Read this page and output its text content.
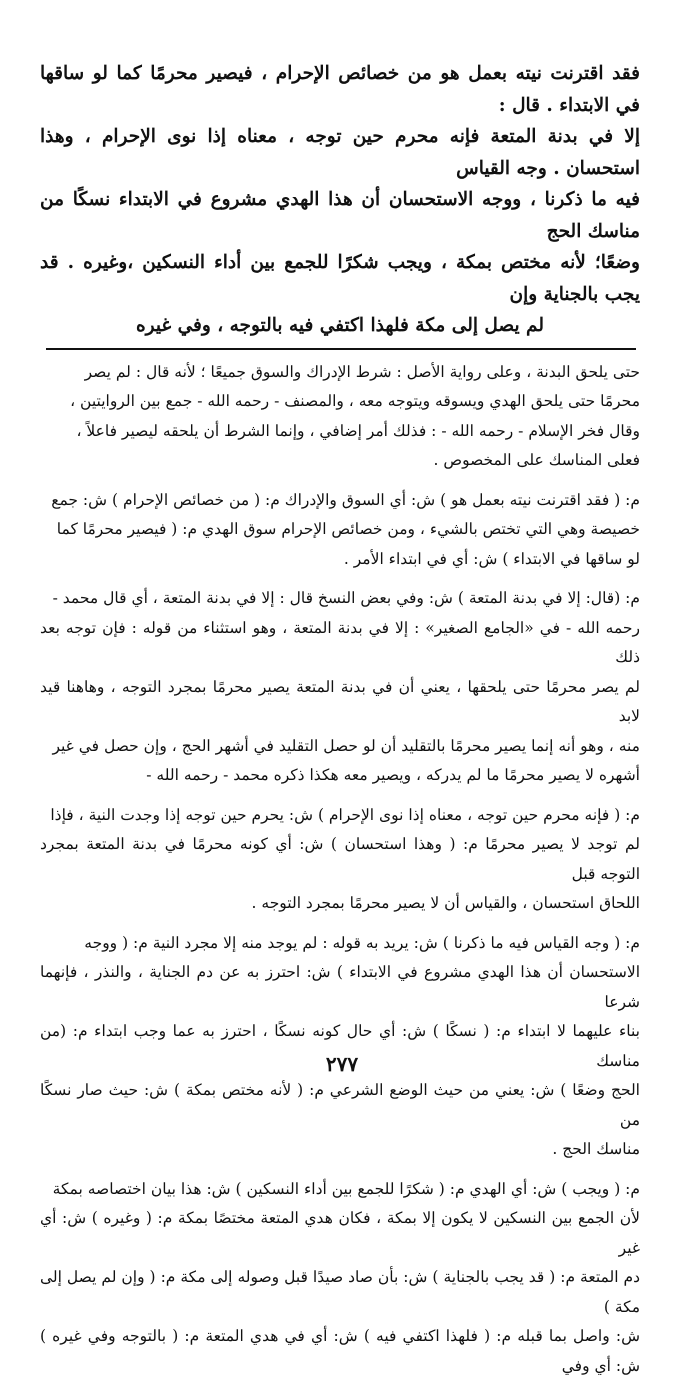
فقد اقترنت نيته بعمل هو من خصائص الإحرام ، فيصير محرمًا كما لو ساقها في الابتداء . قال :

إلا في بدنة المتعة فإنه محرم حين توجه ، معناه إذا نوى الإحرام ، وهذا استحسان . وجه القياس

فيه ما ذكرنا ، ووجه الاستحسان أن هذا الهدي مشروع في الابتداء نسكًا من مناسك الحج

وضعًا؛ لأنه مختص بمكة ، ويجب شكرًا للجمع بين أداء النسكين ،وغيره . قد يجب بالجناية وإن

لم يصل إلى مكة فلهذا اكتفي فيه بالتوجه ، وفي غيره

حتى يلحق البدنة ، وعلى رواية الأصل : شرط الإدراك والسوق جميعًا ؛ لأنه قال : لم يصر

محرمًا حتى يلحق الهدي ويسوقه ويتوجه معه ، والمصنف - رحمه الله - جمع بين الروايتين ،

وقال فخر الإسلام - رحمه الله - : فذلك أمر إضافي ، وإنما الشرط أن يلحقه ليصير فاعلاً ،

فعلى المناسك على المخصوص .

م: ( فقد اقترنت نيته بعمل هو ) ش: أي السوق والإدراك م: ( من خصائص الإحرام ) ش: جمع

خصيصة وهي التي تختص بالشيء ، ومن خصائص الإحرام سوق الهدي م: ( فيصير محرمًا كما

لو ساقها في الابتداء ) ش: أي في ابتداء الأمر .

م: (قال: إلا في بدنة المتعة ) ش: وفي بعض النسخ قال : إلا في بدنة المتعة ، أي قال محمد -

رحمه الله - في «الجامع الصغير» : إلا في بدنة المتعة ، وهو استثناء من قوله : فإن توجه بعد ذلك

لم يصر محرمًا حتى يلحقها ، يعني أن في بدنة المتعة يصير محرمًا بمجرد التوجه ، وهاهنا قيد لابد

منه ، وهو أنه إنما يصير محرمًا بالتقليد أن لو حصل التقليد في أشهر الحج ، وإن حصل في غير

أشهره لا يصير محرمًا ما لم يدركه ، ويصير معه هكذا ذكره محمد - رحمه الله -

م: ( فإنه محرم حين توجه ، معناه إذا نوى الإحرام ) ش: يحرم حين توجه إذا وجدت النية ، فإذا

لم توجد لا يصير محرمًا م: ( وهذا استحسان ) ش: أي كونه محرمًا في بدنة المتعة بمجرد التوجه قبل

اللحاق استحسان ، والقياس أن لا يصير محرمًا بمجرد التوجه .

م: ( وجه القياس فيه ما ذكرنا ) ش: يريد به قوله : لم يوجد منه إلا مجرد النية م: ( ووجه

الاستحسان أن هذا الهدي مشروع في الابتداء ) ش: احترز به عن دم الجناية ، والنذر ، فإنهما شرعا

بناء عليهما لا ابتداء م: ( نسكًا ) ش: أي حال كونه نسكًا ، احترز به عما وجب ابتداء م: (من مناسك

الحج وضعًا ) ش: يعني من حيث الوضع الشرعي م: ( لأنه مختص بمكة ) ش: حيث صار نسكًا من

مناسك الحج .

م: ( ويجب ) ش: أي الهدي م: ( شكرًا للجمع بين أداء النسكين ) ش: هذا بيان اختصاصه بمكة

لأن الجمع بين النسكين لا يكون إلا بمكة ، فكان هدي المتعة مختصًا بمكة م: ( وغيره ) ش: أي غير

دم المتعة م: ( قد يجب بالجناية ) ش: بأن صاد صيدًا قبل وصوله إلى مكة م: ( وإن لم يصل إلى مكة )

ش: واصل بما قبله م: ( فلهذا اكتفي فيه ) ش: أي في هدي المتعة م: ( بالتوجه وفي غيره ) ش: أي وفي

٢٧٧
